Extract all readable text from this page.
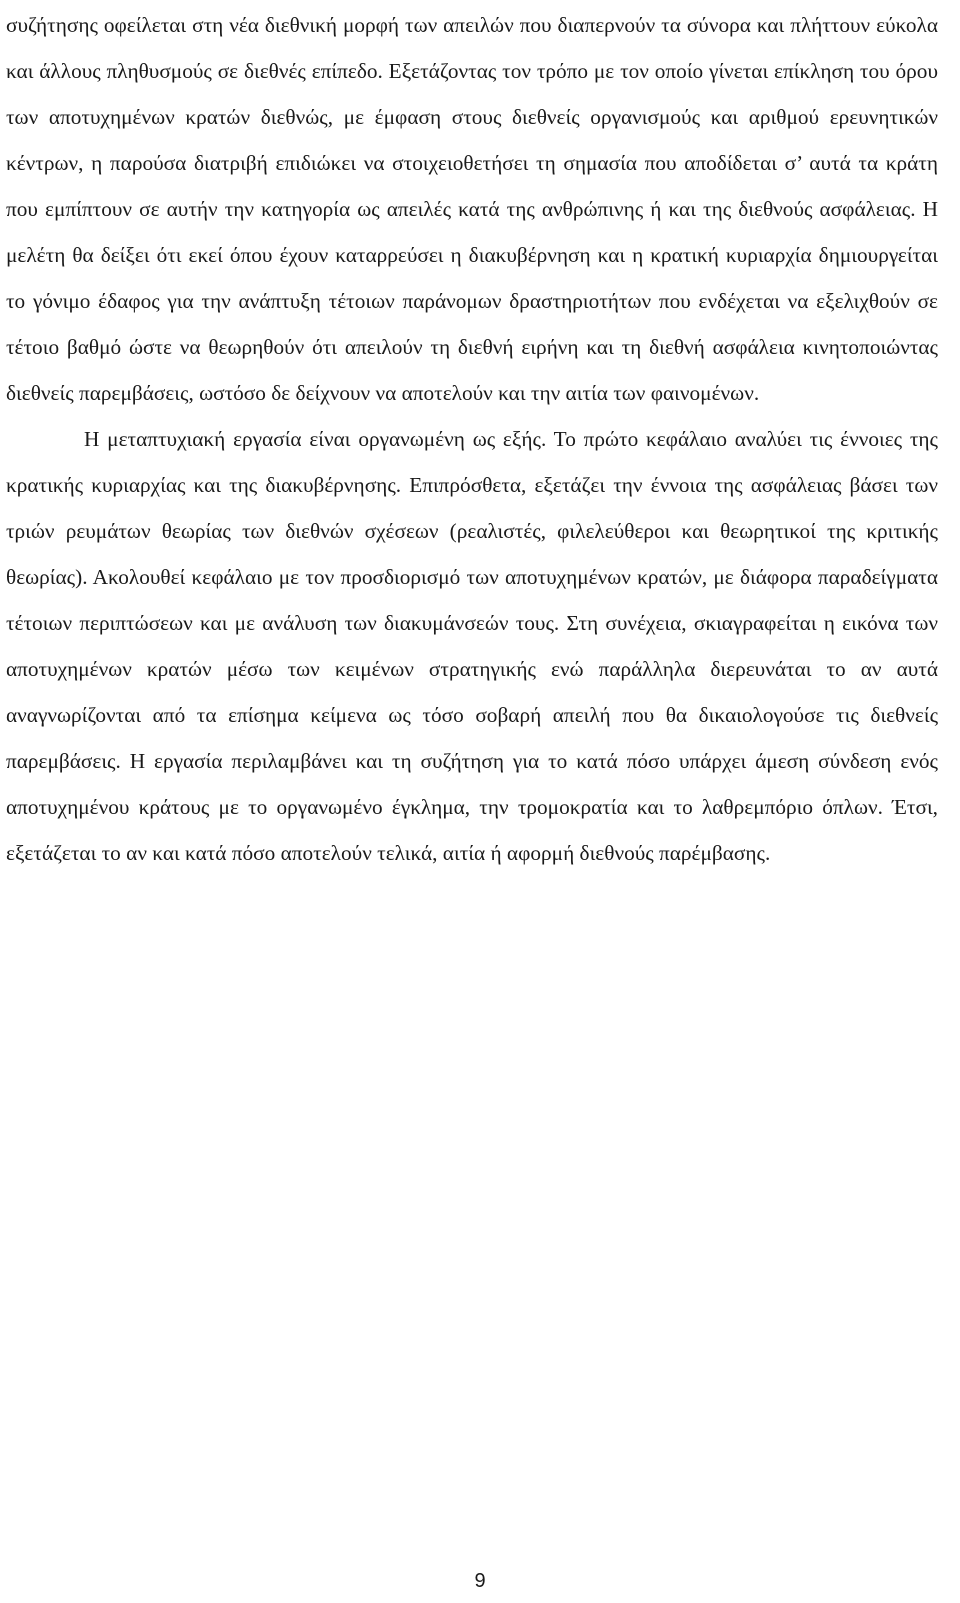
συζήτησης οφείλεται στη νέα διεθνική μορφή των απειλών που διαπερνούν τα σύνορα και πλήττουν εύκολα και άλλους πληθυσμούς σε διεθνές επίπεδο. Εξετάζοντας τον τρόπο με τον οποίο γίνεται επίκληση του όρου των αποτυχημένων κρατών διεθνώς, με έμφαση στους διεθνείς οργανισμούς και αριθμού ερευνητικών κέντρων, η παρούσα διατριβή επιδιώκει να στοιχειοθετήσει τη σημασία που αποδίδεται σ’ αυτά τα κράτη που εμπίπτουν σε αυτήν την κατηγορία ως απειλές κατά της ανθρώπινης ή και της διεθνούς ασφάλειας. Η μελέτη θα δείξει ότι εκεί όπου έχουν καταρρεύσει η διακυβέρνηση και η κρατική κυριαρχία δημιουργείται το γόνιμο έδαφος για την ανάπτυξη τέτοιων παράνομων δραστηριοτήτων που ενδέχεται να εξελιχθούν σε τέτοιο βαθμό ώστε να θεωρηθούν ότι απειλούν τη διεθνή ειρήνη και τη διεθνή ασφάλεια κινητοποιώντας διεθνείς παρεμβάσεις, ωστόσο δε δείχνουν να αποτελούν και την αιτία των φαινομένων.

Η μεταπτυχιακή εργασία είναι οργανωμένη ως εξής. Το πρώτο κεφάλαιο αναλύει τις έννοιες της κρατικής κυριαρχίας και της διακυβέρνησης. Επιπρόσθετα, εξετάζει την έννοια της ασφάλειας βάσει των τριών ρευμάτων θεωρίας των διεθνών σχέσεων (ρεαλιστές, φιλελεύθεροι και θεωρητικοί της κριτικής θεωρίας). Ακολουθεί κεφάλαιο με τον προσδιορισμό των αποτυχημένων κρατών, με διάφορα παραδείγματα τέτοιων περιπτώσεων και με ανάλυση των διακυμάνσεών τους. Στη συνέχεια, σκιαγραφείται η εικόνα των αποτυχημένων κρατών μέσω των κειμένων στρατηγικής ενώ παράλληλα διερευνάται το αν αυτά αναγνωρίζονται από τα επίσημα κείμενα ως τόσο σοβαρή απειλή που θα δικαιολογούσε τις διεθνείς παρεμβάσεις. Η εργασία περιλαμβάνει και τη συζήτηση για το κατά πόσο υπάρχει άμεση σύνδεση ενός αποτυχημένου κράτους με το οργανωμένο έγκλημα, την τρομοκρατία και το λαθρεμπόριο όπλων. Έτσι, εξετάζεται το αν και κατά πόσο αποτελούν τελικά, αιτία ή αφορμή διεθνούς παρέμβασης.

9
